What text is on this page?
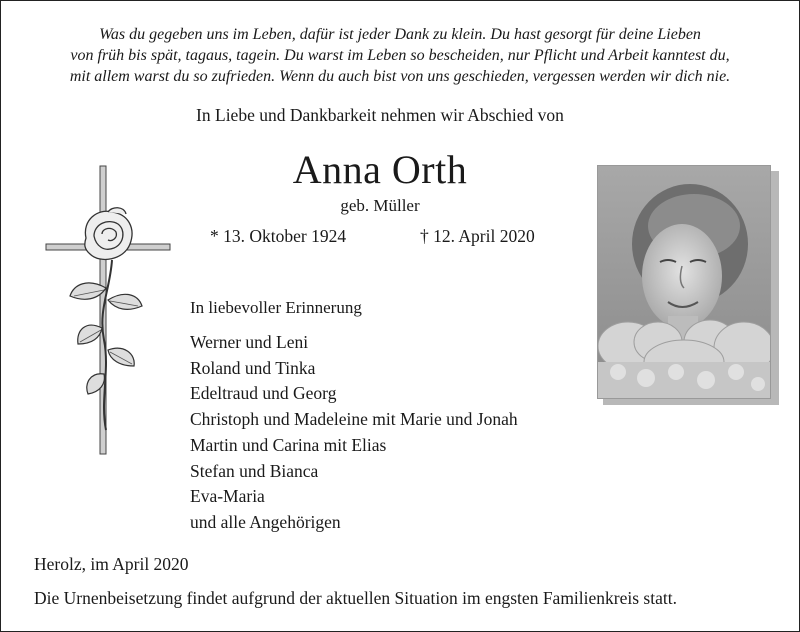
Was du gegeben uns im Leben, dafür ist jeder Dank zu klein. Du hast gesorgt für deine Lieben
von früh bis spät, tagaus, tagein. Du warst im Leben so bescheiden, nur Pflicht und Arbeit kanntest du,
mit allem warst du so zufrieden. Wenn du auch bist von uns geschieden, vergessen werden wir dich nie.
In Liebe und Dankbarkeit nehmen wir Abschied von
Anna Orth
geb. Müller
* 13. Oktober 1924	† 12. April 2020
In liebevoller Erinnerung
Werner und Leni
Roland und Tinka
Edeltraud und Georg
Christoph und Madeleine mit Marie und Jonah
Martin und Carina mit Elias
Stefan und Bianca
Eva-Maria
und alle Angehörigen
Herolz, im April 2020
Die Urnenbeisetzung findet aufgrund der aktuellen Situation im engsten Familienkreis statt.
